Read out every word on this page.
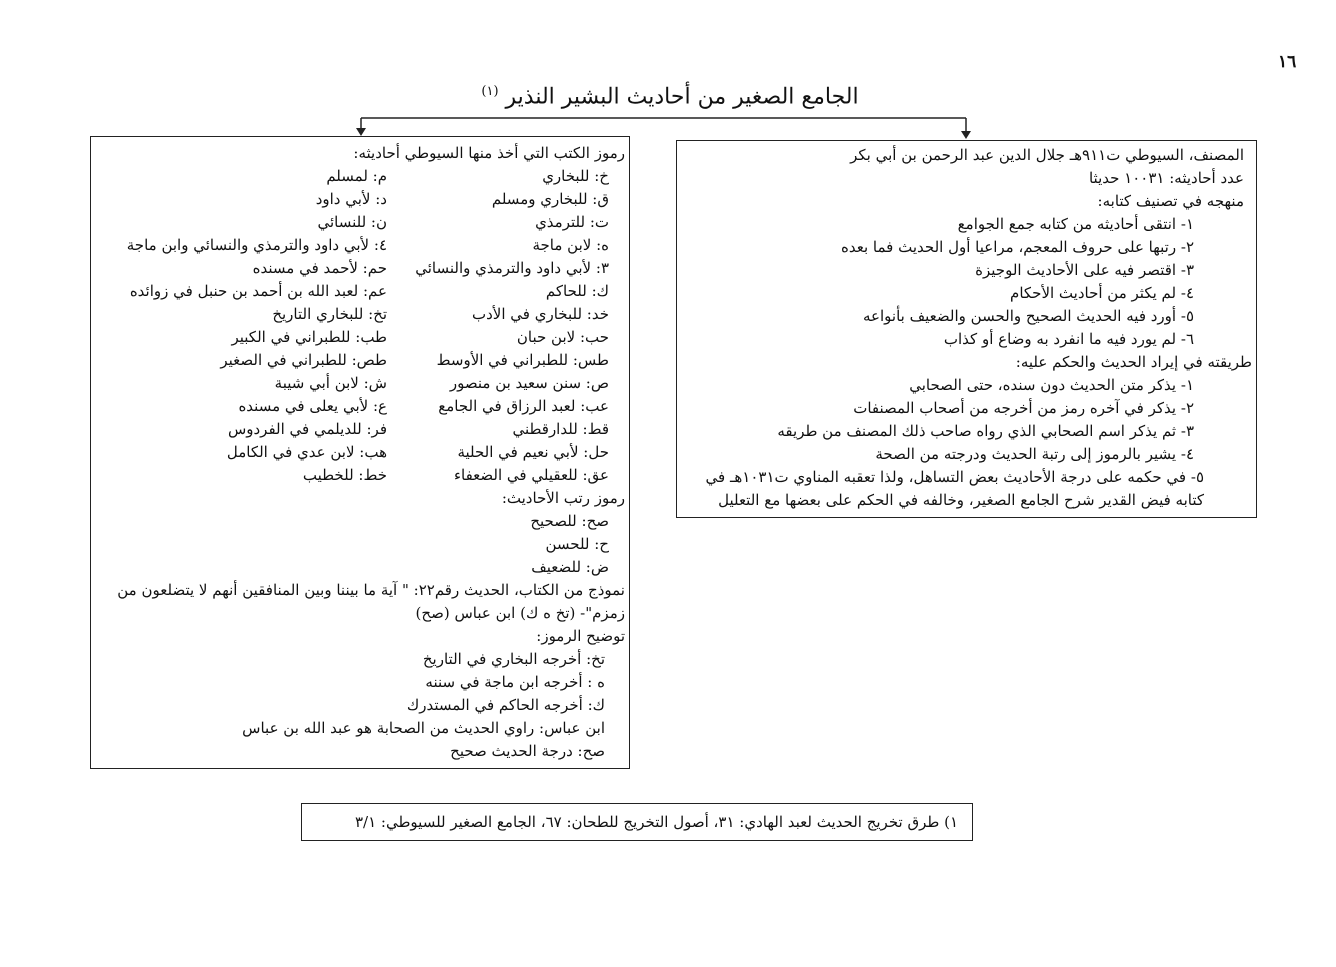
١٦
الجامع الصغير من أحاديث البشير النذير $^{(١)}$
المصنف، السيوطي ت٩١١هـ جلال الدين عبد الرحمن بن أبي بكر
عدد أحاديثه: ١٠٠٣١ حديثا
منهجه في تصنيف كتابه:
١- انتقى أحاديثه من كتابه جمع الجوامع
٢- رتبها على حروف المعجم، مراعيا أول الحديث فما بعده
٣- اقتصر فيه على الأحاديث الوجيزة
٤- لم يكثر من أحاديث الأحكام
٥- أورد فيه الحديث الصحيح والحسن والضعيف بأنواعه
٦- لم يورد فيه ما انفرد به وضاع أو كذاب
طريقته في إيراد الحديث والحكم عليه:
١- يذكر متن الحديث دون سنده، حتى الصحابي
٢- يذكر في آخره رمز من أخرجه من أصحاب المصنفات
٣- ثم يذكر اسم الصحابي الذي رواه صاحب ذلك المصنف من طريقه
٤- يشير بالرموز إلى رتبة الحديث ودرجته من الصحة
٥- في حكمه على درجة الأحاديث بعض التساهل، ولذا تعقبه المناوي ت١٠٣١هـ في
كتابه فيض القدير شرح الجامع الصغير، وخالفه في الحكم على بعضها مع التعليل
رموز الكتب التي أخذ منها السيوطي أحاديثه:
خ: للبخاري
ق: للبخاري ومسلم
ت: للترمذي
ه: لابن ماجة
٣: لأبي داود والترمذي والنسائي
ك: للحاكم
خد: للبخاري في الأدب
حب: لابن حبان
طس: للطبراني في الأوسط
ص: سنن سعيد بن منصور
عب: لعبد الرزاق في الجامع
قط: للدارقطني
حل: لأبي نعيم في الحلية
عق: للعقيلي في الضعفاء
م: لمسلم
د: لأبي داود
ن: للنسائي
٤: لأبي داود والترمذي والنسائي وابن ماجة
حم: لأحمد في مسنده
عم: لعبد الله بن أحمد بن حنبل في زوائده
تخ: للبخاري التاريخ
طب: للطبراني في الكبير
طص: للطبراني في الصغير
ش: لابن أبي شيبة
ع: لأبي يعلى في مسنده
فر: للديلمي في الفردوس
هب: لابن عدي في الكامل
خط: للخطيب
رموز رتب الأحاديث:
صح: للصحيح
ح: للحسن
ض: للضعيف
نموذج من الكتاب، الحديث رقم٢٢: " آية ما بيننا وبين المنافقين أنهم لا يتضلعون من
زمزم"- (تخ ه ك) ابن عباس (صح)
توضيح الرموز:
تخ: أخرجه البخاري في التاريخ
ه : أخرجه ابن ماجة في سننه
ك: أخرجه الحاكم في المستدرك
ابن عباس: راوي الحديث من الصحابة هو عبد الله بن عباس
صح: درجة الحديث صحيح
١) طرق تخريج الحديث لعبد الهادي: ٣١، أصول التخريج للطحان: ٦٧، الجامع الصغير للسيوطي: ٣/١
